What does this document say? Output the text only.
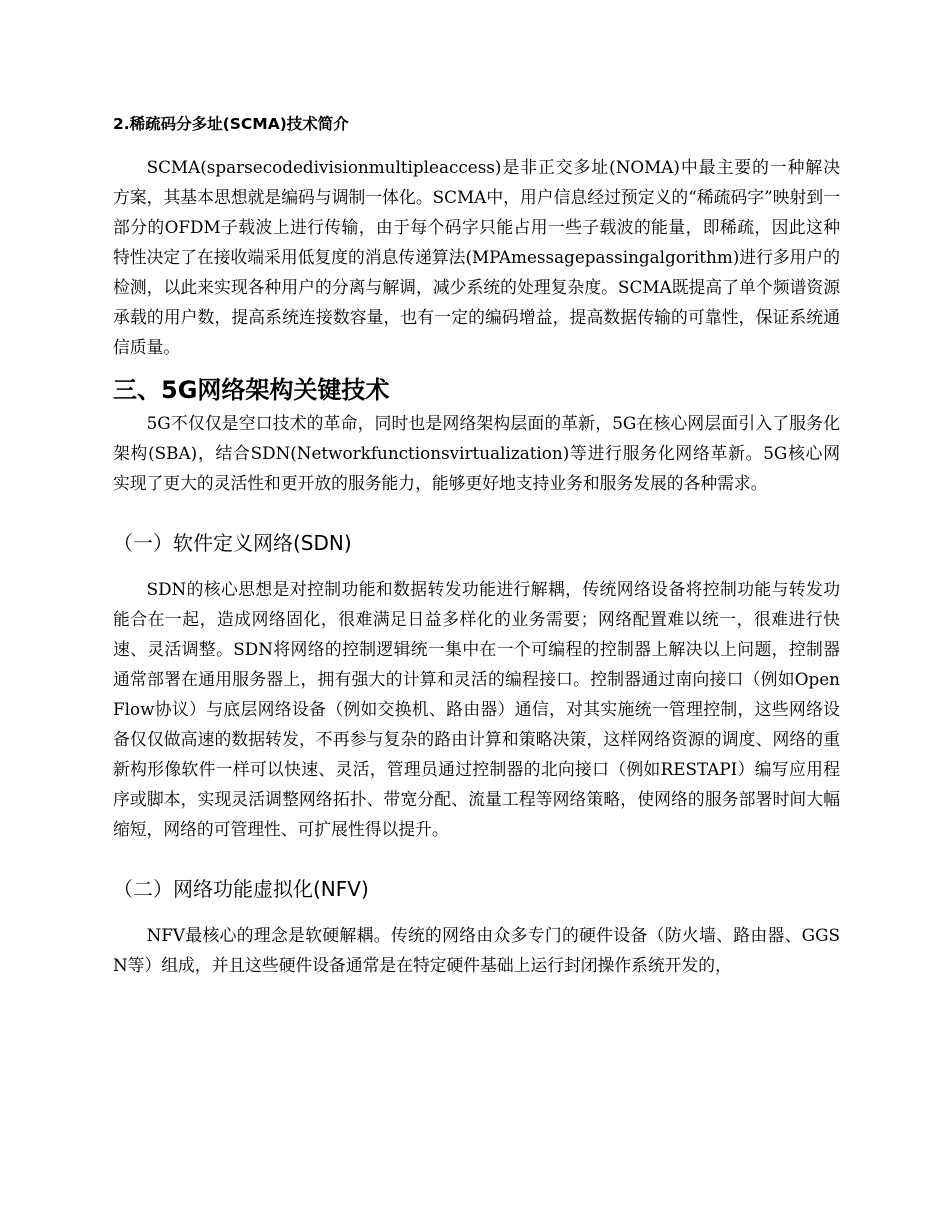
2.稀疏码分多址(SCMA)技术简介

SCMA(sparsecodedivisionmultipleaccess)是非正交多址(NOMA)中最主要的一种解决方案，其基本思想就是编码与调制一体化。SCMA中，用户信息经过预定义的“稀疏码字”映射到一部分的OFDM子载波上进行传输，由于每个码字只能占用一些子载波的能量，即稀疏，因此这种特性决定了在接收端采用低复度的消息传递算法(MPAmessagepassingalgorithm)进行多用户的检测，以此来实现各种用户的分离与解调，减少系统的处理复杂度。SCMA既提高了单个频谱资源承载的用户数，提高系统连接数容量，也有一定的编码增益，提高数据传输的可靠性，保证系统通信质量。

三、5G网络架构关键技术

5G不仅仅是空口技术的革命，同时也是网络架构层面的革新，5G在核心网层面引入了服务化架构(SBA)，结合SDN(Networkfunctionsvirtualization)等进行服务化网络革新。5G核心网实现了更大的灵活性和更开放的服务能力，能够更好地支持业务和服务发展的各种需求。

（一）软件定义网络(SDN)

SDN的核心思想是对控制功能和数据转发功能进行解耦，传统网络设备将控制功能与转发功能合在一起，造成网络固化，很难满足日益多样化的业务需要；网络配置难以统一，很难进行快速、灵活调整。SDN将网络的控制逻辑统一集中在一个可编程的控制器上解决以上问题，控制器通常部署在通用服务器上，拥有强大的计算和灵活的编程接口。控制器通过南向接口（例如OpenFlow协议）与底层网络设备（例如交换机、路由器）通信，对其实施统一管理控制，这些网络设备仅仅做高速的数据转发，不再参与复杂的路由计算和策略决策，这样网络资源的调度、网络的重新构形像软件一样可以快速、灵活，管理员通过控制器的北向接口（例如RESTAPI）编写应用程序或脚本，实现灵活调整网络拓扑、带宽分配、流量工程等网络策略，使网络的服务部署时间大幅缩短，网络的可管理性、可扩展性得以提升。

（二）网络功能虚拟化(NFV)

NFV最核心的理念是软硬解耦。传统的网络由众多专门的硬件设备（防火墙、路由器、GGSN等）组成，并且这些硬件设备通常是在特定硬件基础上运行封闭操作系统开发的，
